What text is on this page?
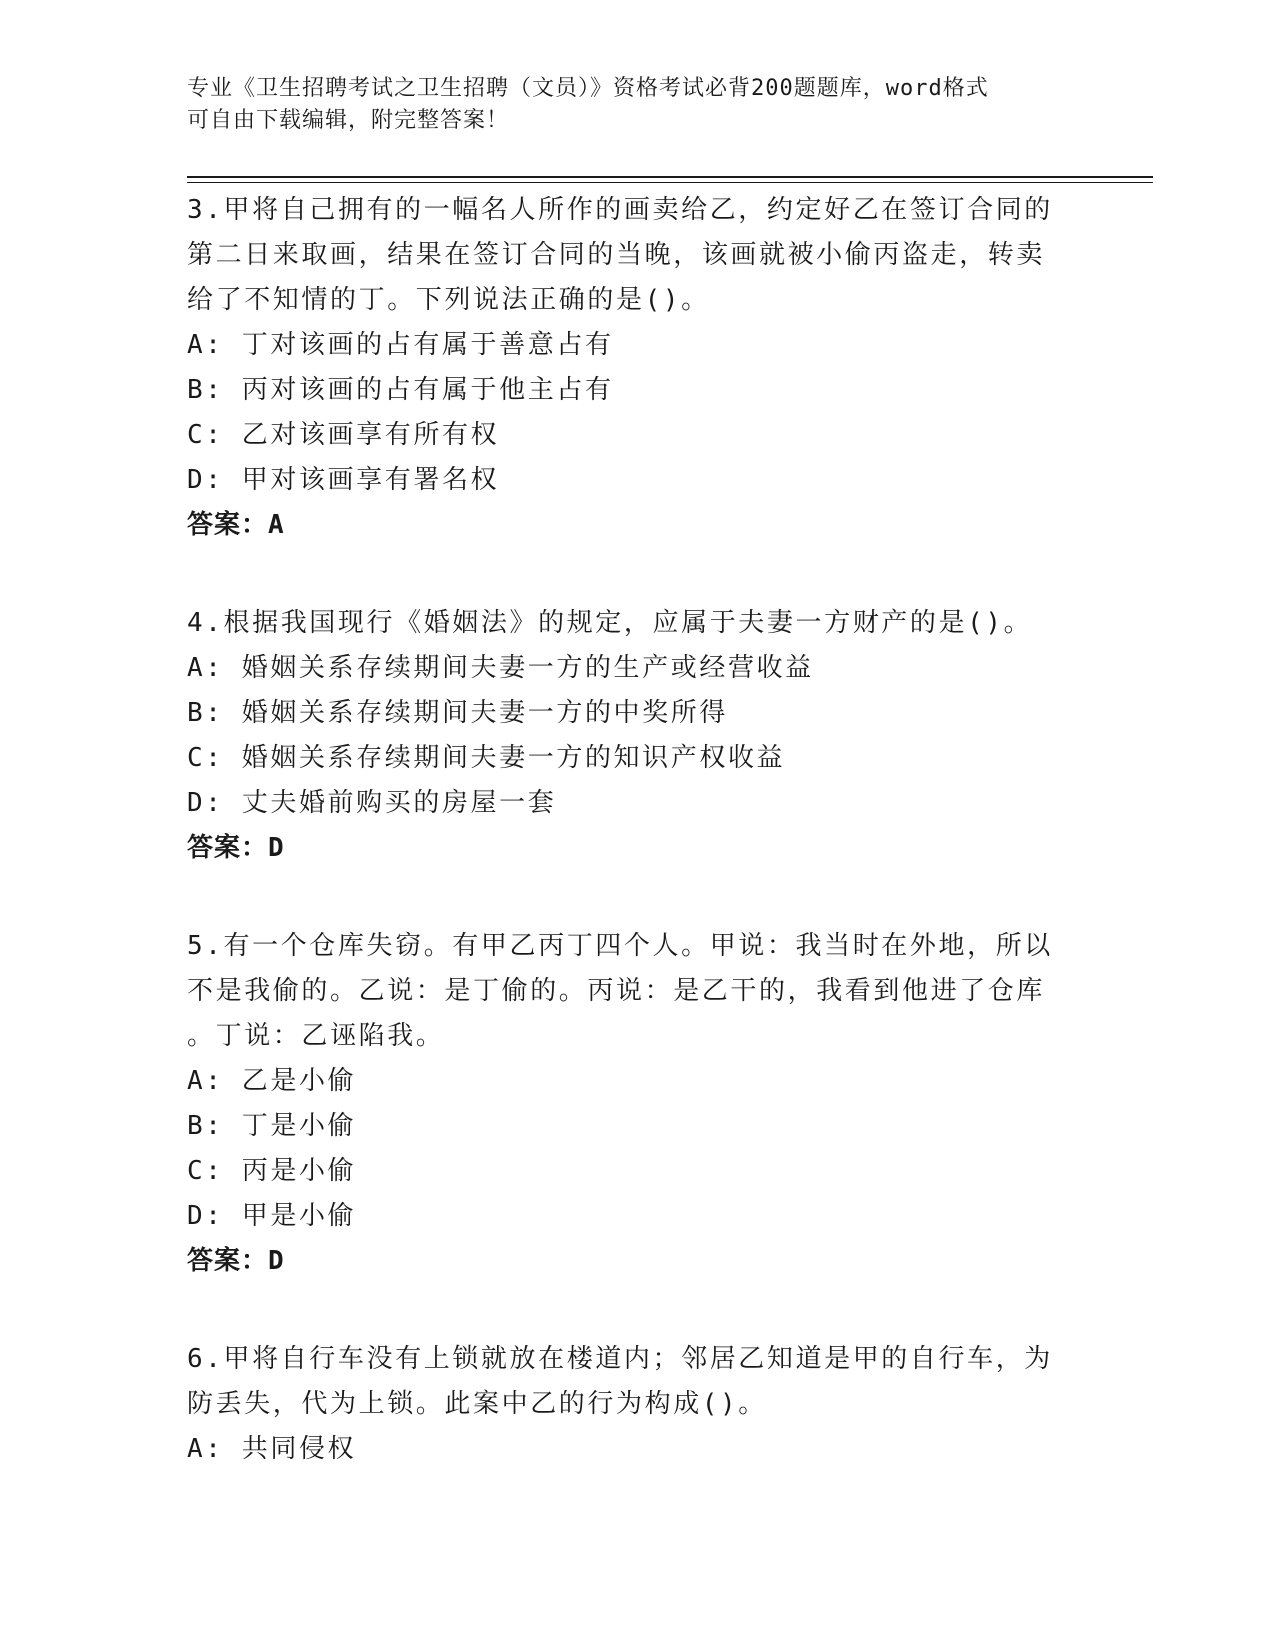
专业《卫生招聘考试之卫生招聘（文员）》资格考试必背200题题库，word格式
可自由下载编辑，附完整答案！
3.甲将自己拥有的一幅名人所作的画卖给乙，约定好乙在签订合同的
第二日来取画，结果在签订合同的当晚，该画就被小偷丙盗走，转卖
给了不知情的丁。下列说法正确的是()。
A: 丁对该画的占有属于善意占有
B: 丙对该画的占有属于他主占有
C: 乙对该画享有所有权
D: 甲对该画享有署名权
答案：A
4.根据我国现行《婚姻法》的规定，应属于夫妻一方财产的是()。
A: 婚姻关系存续期间夫妻一方的生产或经营收益
B: 婚姻关系存续期间夫妻一方的中奖所得
C: 婚姻关系存续期间夫妻一方的知识产权收益
D: 丈夫婚前购买的房屋一套
答案：D
5.有一个仓库失窃。有甲乙丙丁四个人。甲说：我当时在外地，所以
不是我偷的。乙说：是丁偷的。丙说：是乙干的，我看到他进了仓库
。丁说：乙诬陷我。
A: 乙是小偷
B: 丁是小偷
C: 丙是小偷
D: 甲是小偷
答案：D
6.甲将自行车没有上锁就放在楼道内；邻居乙知道是甲的自行车，为
防丢失，代为上锁。此案中乙的行为构成()。
A: 共同侵权
